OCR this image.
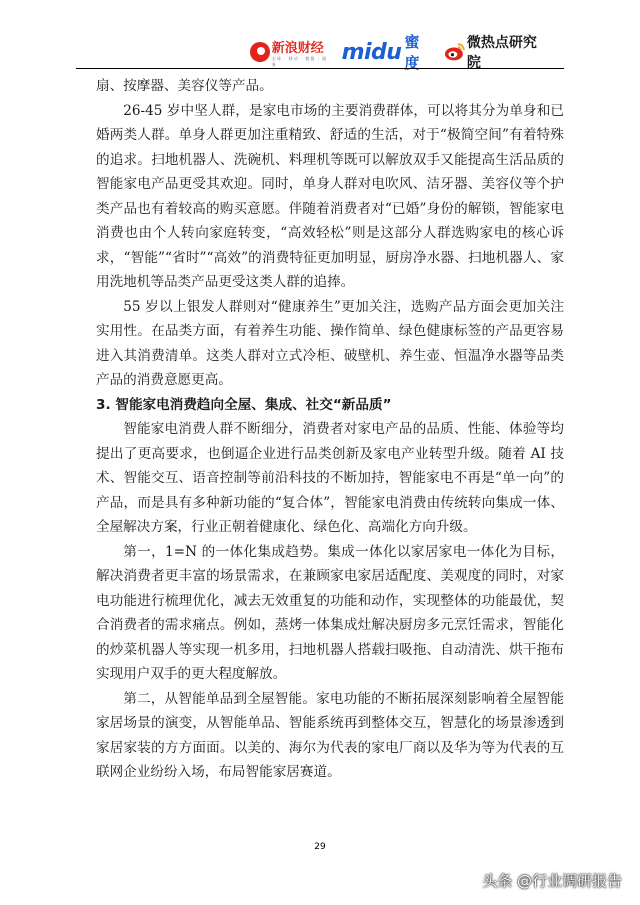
新浪财经
全球 · 移动 · 数据 · 服务	midu 蜜度
微热点研究院

扇、按摩器、美容仪等产品。

26-45 岁中坚人群，是家电市场的主要消费群体，可以将其分为单身和已婚两类人群。单身人群更加注重精致、舒适的生活，对于“极简空间”有着特殊的追求。扫地机器人、洗碗机、料理机等既可以解放双手又能提高生活品质的智能家电产品更受其欢迎。同时，单身人群对电吹风、洁牙器、美容仪等个护类产品也有着较高的购买意愿。伴随着消费者对“已婚”身份的解锁，智能家电消费也由个人转向家庭转变，“高效轻松”则是这部分人群选购家电的核心诉求，“智能”“省时”“高效”的消费特征更加明显，厨房净水器、扫地机器人、家用洗地机等品类产品更受这类人群的追捧。

55 岁以上银发人群则对“健康养生”更加关注，选购产品方面会更加关注实用性。在品类方面，有着养生功能、操作简单、绿色健康标签的产品更容易进入其消费清单。这类人群对立式冷柜、破壁机、养生壶、恒温净水器等品类产品的消费意愿更高。

3. 智能家电消费趋向全屋、集成、社交“新品质”

智能家电消费人群不断细分，消费者对家电产品的品质、性能、体验等均提出了更高要求，也倒逼企业进行品类创新及家电产业转型升级。随着 AI 技术、智能交互、语音控制等前沿科技的不断加持，智能家电不再是“单一向”的产品，而是具有多种新功能的“复合体”，智能家电消费由传统转向集成一体、全屋解决方案，行业正朝着健康化、绿色化、高端化方向升级。

第一，1=N 的一体化集成趋势。集成一体化以家居家电一体化为目标，解决消费者更丰富的场景需求，在兼顾家电家居适配度、美观度的同时，对家电功能进行梳理优化，减去无效重复的功能和动作，实现整体的功能最优，契合消费者的需求痛点。例如，蒸烤一体集成灶解决厨房多元烹饪需求，智能化的炒菜机器人等实现一机多用，扫地机器人搭载扫吸拖、自动清洗、烘干拖布实现用户双手的更大程度解放。

第二，从智能单品到全屋智能。家电功能的不断拓展深刻影响着全屋智能家居场景的演变，从智能单品、智能系统再到整体交互，智慧化的场景渗透到家居家装的方方面面。以美的、海尔为代表的家电厂商以及华为等为代表的互联网企业纷纷入场，布局智能家居赛道。

29
头条 @行业调研报告
